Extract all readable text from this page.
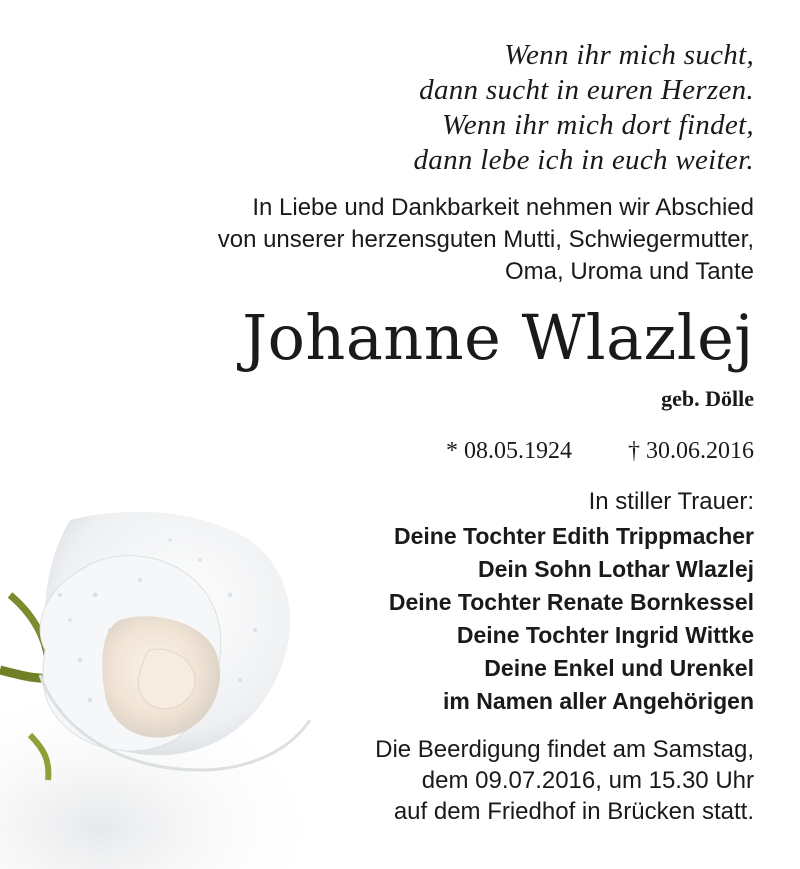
Wenn ihr mich sucht,
dann sucht in euren Herzen.
Wenn ihr mich dort findet,
dann lebe ich in euch weiter.
In Liebe und Dankbarkeit nehmen wir Abschied
von unserer herzensguten Mutti, Schwiegermutter,
Oma, Uroma und Tante
Johanne Wlazlej
geb. Dölle
* 08.05.1924 † 30.06.2016
In stiller Trauer:
Deine Tochter Edith Trippmacher
Dein Sohn Lothar Wlazlej
Deine Tochter Renate Bornkessel
Deine Tochter Ingrid Wittke
Deine Enkel und Urenkel
im Namen aller Angehörigen
Die Beerdigung findet am Samstag,
dem 09.07.2016, um 15.30 Uhr
auf dem Friedhof in Brücken statt.
